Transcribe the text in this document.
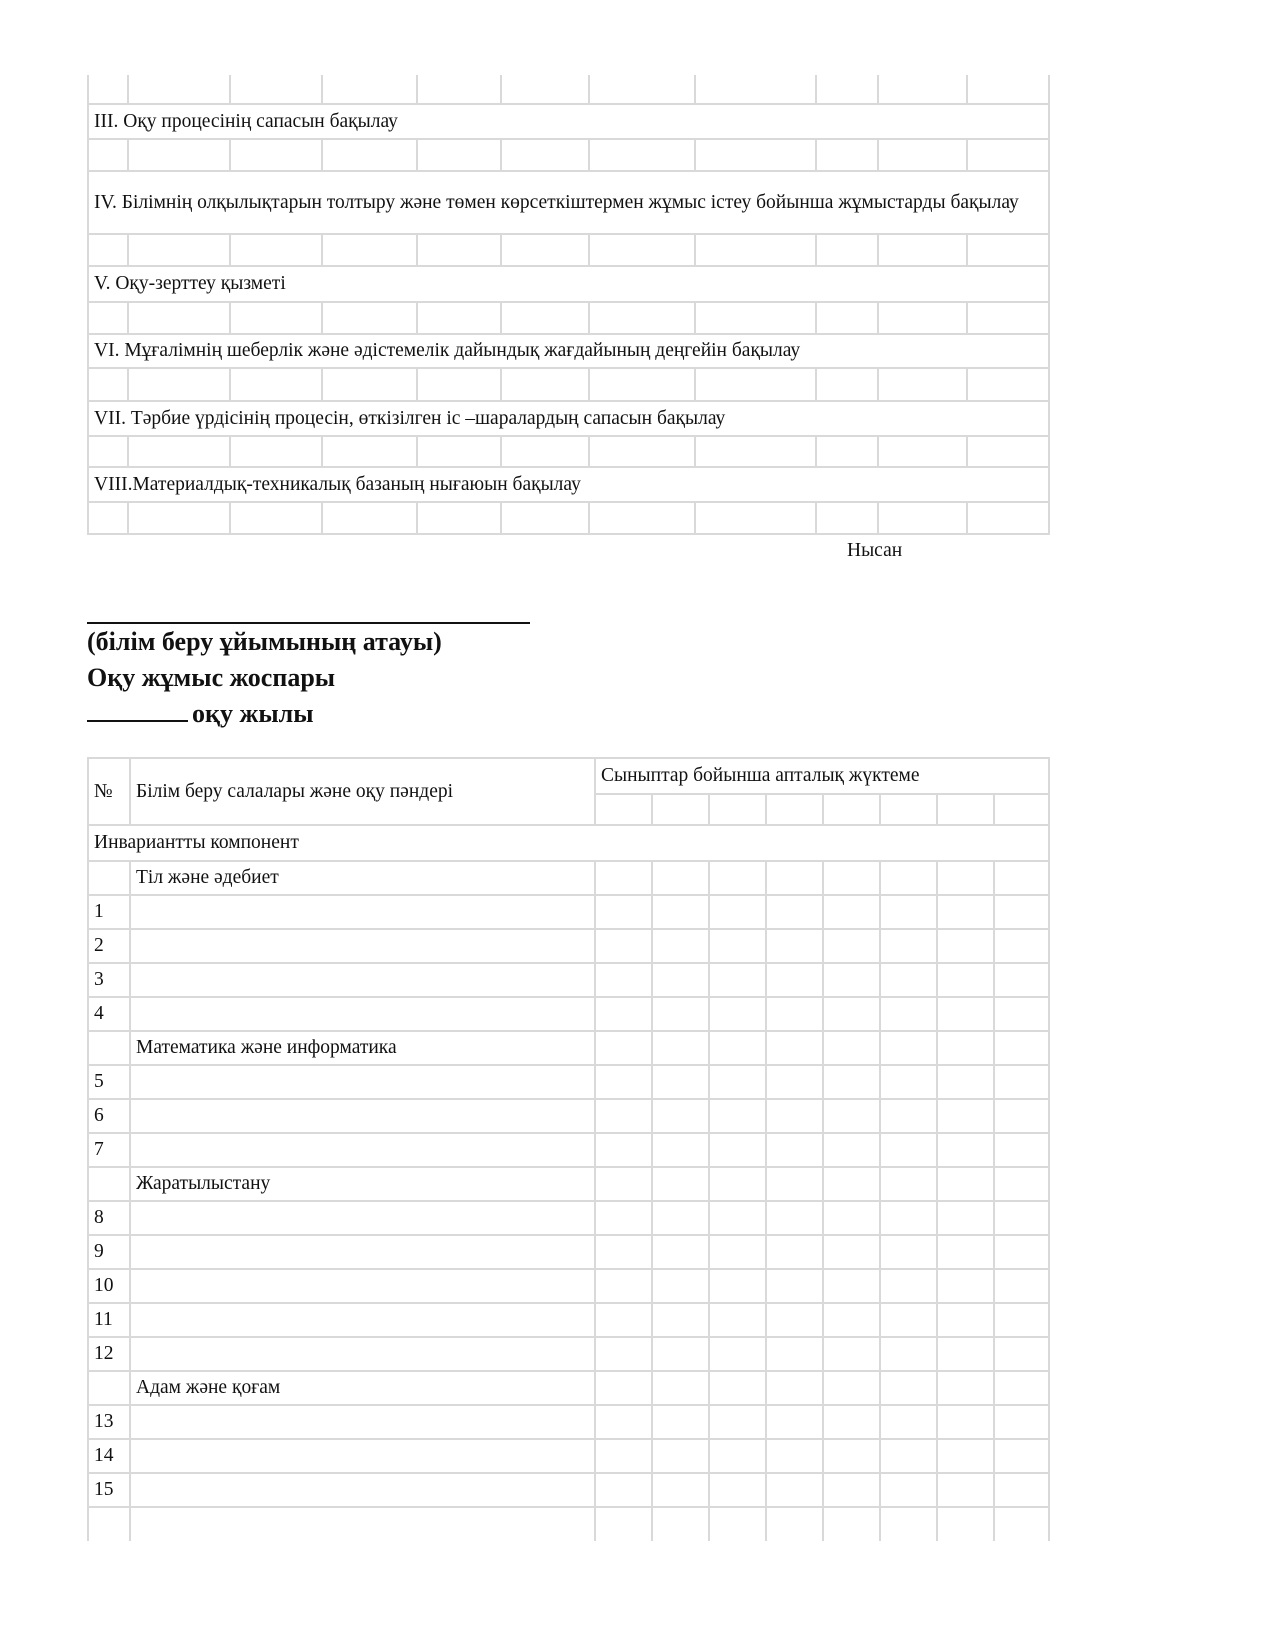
III. Оқу процесінің сапасын бақылау										

IV. Білімнің олқылықтарын толтыру және төмен көрсеткіштермен жұмыс істеу бойынша жұмыстарды бақылау										

V. Оқу-зерттеу қызметі										

VI. Мұғалімнің шеберлік және әдістемелік дайындық жағдайының деңгейін бақылау										

VII. Тәрбие үрдісінің процесін, өткізілген іс –шаралардың сапасын бақылау										

VIII.Материалдық-техникалық базаның нығаюын бақылау										

Нысан
(білім беру ұйымының атауы)
Оқу жұмыс жоспары
оқу жылы
№	Білім беру салалары және оқу пәндері	Сыныптар бойынша апталық жүктеме							

Инвариантты компонент									
	Тіл және әдебиет								
1									
2									
3									
4									
	Математика және информатика								
5									
6									
7									
	Жаратылыстану								
8									
9									
10									
11									
12									
	Адам және қоғам								
13									
14									
15									
